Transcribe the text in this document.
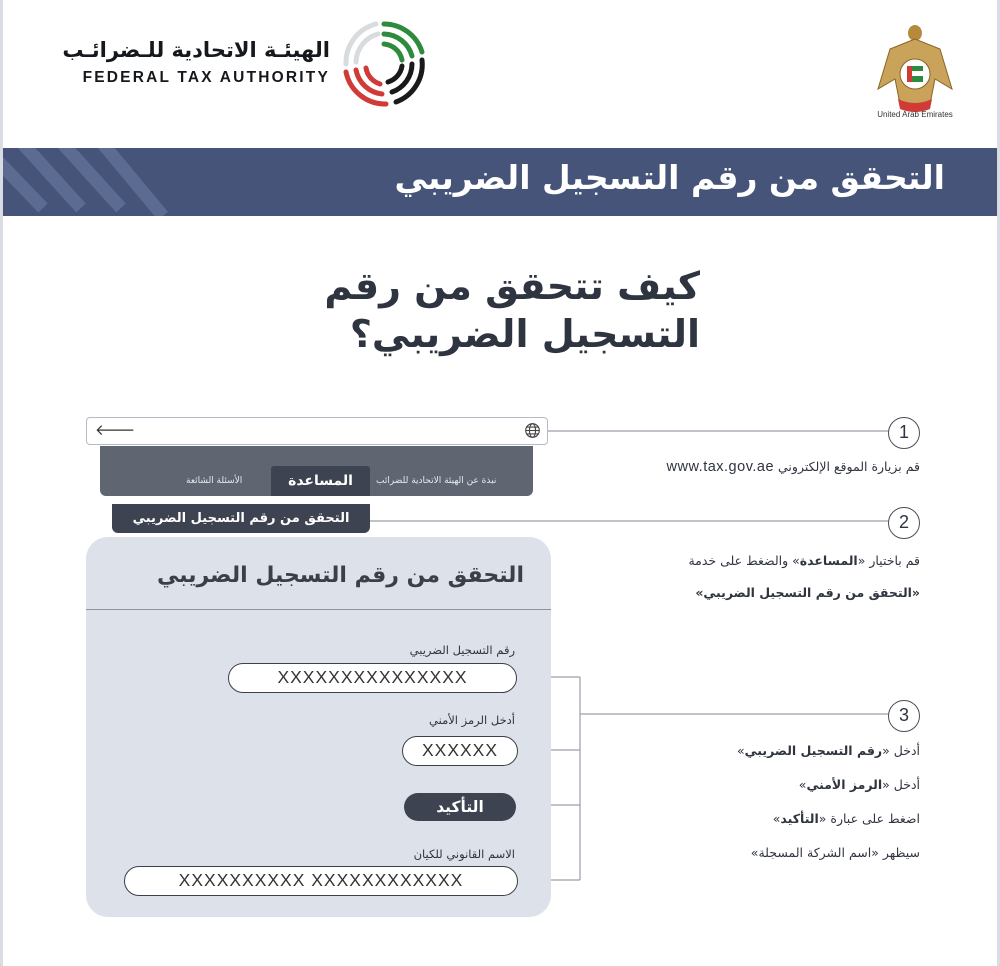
الهيئـة الاتحادية للـضرائـب
FEDERAL TAX AUTHORITY
United Arab Emirates
التحقق من رقم التسجيل الضريبي
كيف تتحقق من رقم
التسجيل الضريبي؟
🡐
الأسئلة الشائعة	نبذة عن الهيئة الاتحادية للضرائب
المساعدة
التحقق من رقم التسجيل الضريبي
التحقق من رقم التسجيل الضريبي
رقم التسجيل الضريبي
XXXXXXXXXXXXXXX
أدخل الرمز الأمني
XXXXXX
التأكيد
الاسم القانوني للكيان
XXXXXXXXXX XXXXXXXXXXXX
1
2
3
قم بزيارة الموقع الإلكتروني www.tax.gov.ae
قم باختيار «المساعدة» والضغط على خدمة
«التحقق من رقم التسجيل الضريبي»
أدخل «رقم التسجيل الضريبي»
أدخل «الرمز الأمني»
اضغط على عبارة «التأكيد»
سيظهر «اسم الشركة المسجلة»
